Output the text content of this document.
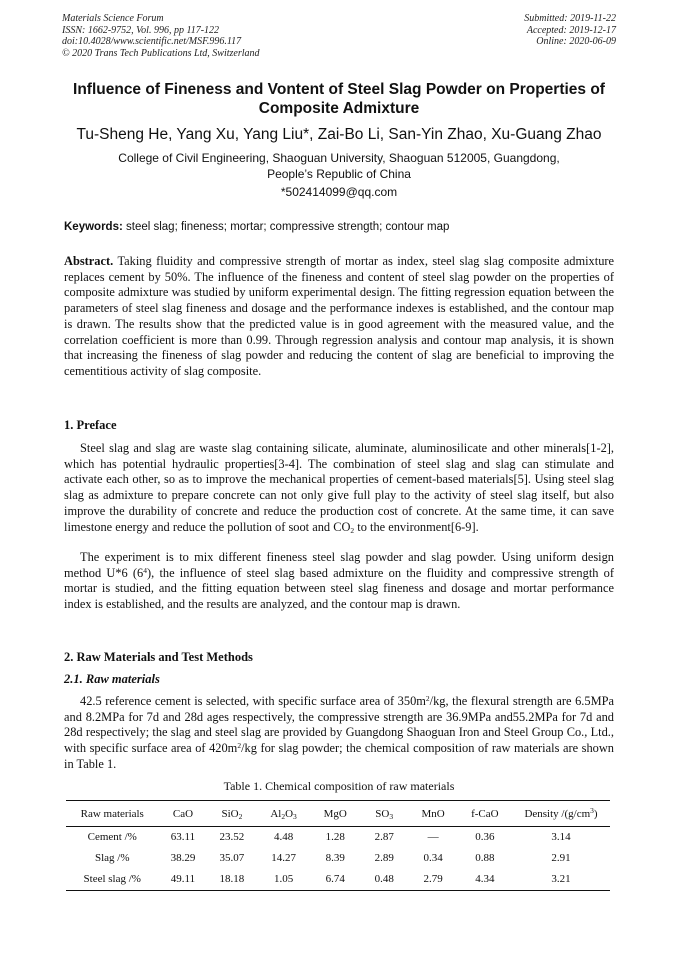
Materials Science Forum
ISSN: 1662-9752, Vol. 996, pp 117-122
doi:10.4028/www.scientific.net/MSF.996.117
© 2020 Trans Tech Publications Ltd, Switzerland
Submitted: 2019-11-22
Accepted: 2019-12-17
Online: 2020-06-09
Influence of Fineness and Vontent of Steel Slag Powder on Properties of Composite Admixture
Tu-Sheng He, Yang Xu, Yang Liu*, Zai-Bo Li, San-Yin Zhao, Xu-Guang Zhao
College of Civil Engineering, Shaoguan University, Shaoguan 512005, Guangdong,
People’s Republic of China
*502414099@qq.com
Keywords: steel slag; fineness; mortar; compressive strength; contour map

Abstract. Taking fluidity and compressive strength of mortar as index, steel slag slag composite admixture replaces cement by 50%. The influence of the fineness and content of steel slag powder on the properties of composite admixture was studied by uniform experimental design. The fitting regression equation between the parameters of steel slag fineness and dosage and the performance indexes is established, and the contour map is drawn. The results show that the predicted value is in good agreement with the measured value, and the correlation coefficient is more than 0.99. Through regression analysis and contour map analysis, it is shown that increasing the fineness of slag powder and reducing the content of slag are beneficial to improving the cementitious activity of slag composite.

1. Preface

Steel slag and slag are waste slag containing silicate, aluminate, aluminosilicate and other minerals[1-2], which has potential hydraulic properties[3-4]. The combination of steel slag and slag can stimulate and activate each other, so as to improve the mechanical properties of cement-based materials[5]. Using steel slag slag as admixture to prepare concrete can not only give full play to the activity of steel slag itself, but also improve the durability of concrete and reduce the production cost of concrete. At the same time, it can save limestone energy and reduce the pollution of soot and $CO_2$ to the environment[6-9].

The experiment is to mix different fineness steel slag powder and slag powder. Using uniform design method U*6 $(6^4)$, the influence of steel slag based admixture on the fluidity and compressive strength of mortar is studied, and the fitting equation between steel slag fineness and dosage and mortar performance index is established, and the results are analyzed, and the contour map is drawn.

2. Raw Materials and Test Methods
2.1. Raw materials

42.5 reference cement is selected, with specific surface area of $350m^2/kg$, the flexural strength are 6.5MPa and 8.2MPa for 7d and 28d ages respectively, the compressive strength are 36.9MPa and55.2MPa for 7d and 28d respectively; the slag and steel slag are provided by Guangdong Shaoguan Iron and Steel Group Co., Ltd., with specific surface area of $420m^2/kg$ for slag powder; the chemical composition of raw materials are shown in Table 1.

Table 1. Chemical composition of raw materials
Raw materials	CaO	SiO$_2$	$Al_2O_3$	MgO	$SO_3$	MnO	f-CaO	Density $/(g/cm^3)$
Cement /%	63.11	23.52	4.48	1.28	2.87	—	0.36	3.14
Slag /%	38.29	35.07	14.27	8.39	2.89	0.34	0.88	2.91
Steel slag /%	49.11	18.18	1.05	6.74	0.48	2.79	4.34	3.21
